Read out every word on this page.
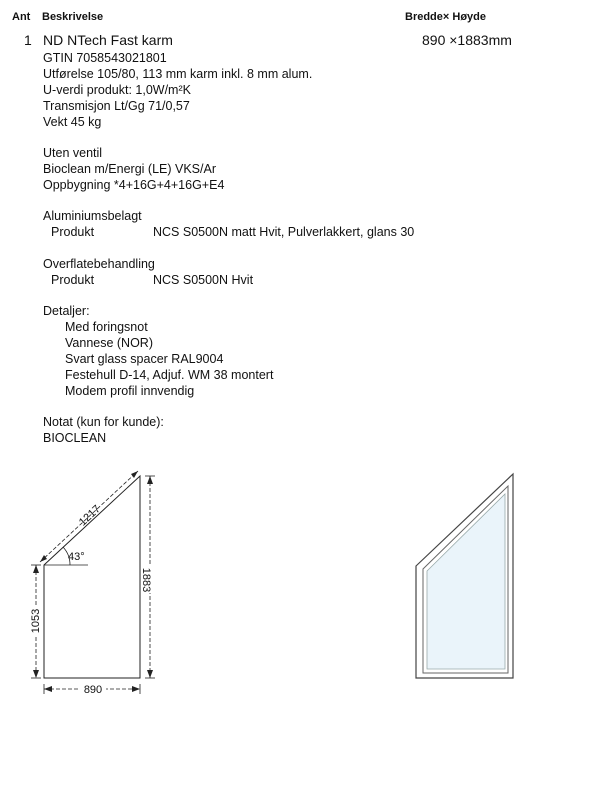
Ant Beskrivelse	Bredde× Høyde
1 ND NTech Fast karm	890 ×1883mm
GTIN 7058543021801
Utførelse 105/80, 113 mm karm inkl. 8 mm alum.
U-verdi produkt: 1,0W/m²K
Transmisjon Lt/Gg 71/0,57
Vekt 45 kg
Uten ventil
Bioclean m/Energi (LE) VKS/Ar
Oppbygning *4+16G+4+16G+E4
Aluminiumsbelagt
Produkt	NCS S0500N matt Hvit, Pulverlakkert, glans 30
Overflatebehandling
Produkt	NCS S0500N Hvit
Detaljer:
Med foringsnot
Vannese (NOR)
Svart glass spacer RAL9004
Festehull D-14, Adjuf. WM 38 montert
Modem profil innvendig
Notat (kun for kunde):
BIOCLEAN
1217
43°
1883
1053
890
